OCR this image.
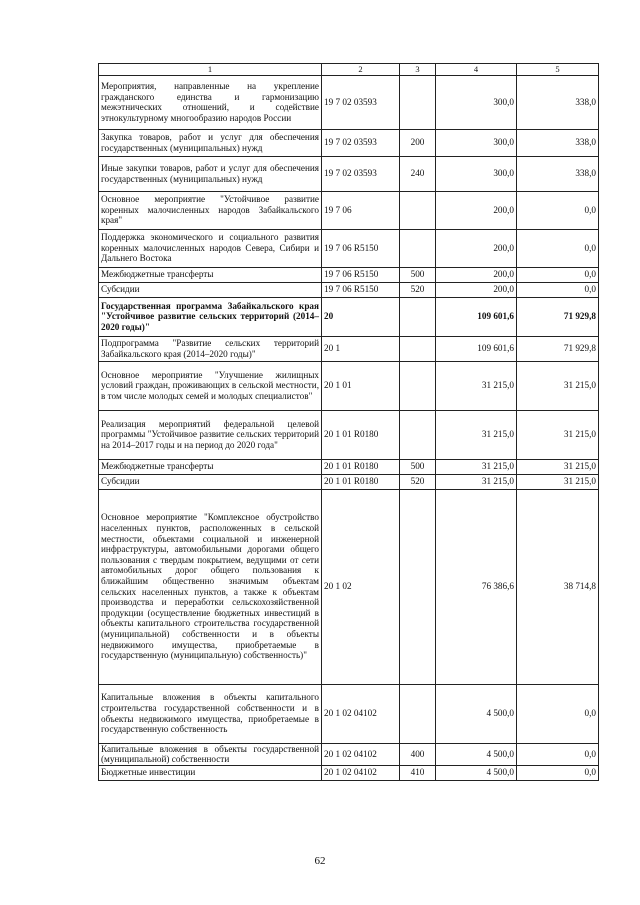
1	2	3	4	5
Мероприятия, направленные на укрепление гражданского единства и гармонизацию межэтнических отношений, и содействие этнокультурному многообразию народов России	19 7 02 03593		300,0	338,0
Закупка товаров, работ и услуг для обеспечения государственных (муниципальных) нужд	19 7 02 03593	200	300,0	338,0
Иные закупки товаров, работ и услуг для обеспечения государственных (муниципальных) нужд	19 7 02 03593	240	300,0	338,0
Основное мероприятие "Устойчивое развитие коренных малочисленных народов Забайкальского края"	19 7 06		200,0	0,0
Поддержка экономического и социального развития коренных малочисленных народов Севера, Сибири и Дальнего Востока	19 7 06 R5150		200,0	0,0
Межбюджетные трансферты	19 7 06 R5150	500	200,0	0,0
Субсидии	19 7 06 R5150	520	200,0	0,0
Государственная программа Забайкальского края "Устойчивое развитие сельских территорий (2014–2020 годы)"	20		109 601,6	71 929,8
Подпрограмма "Развитие сельских территорий Забайкальского края (2014–2020 годы)"	20 1		109 601,6	71 929,8
Основное мероприятие "Улучшение жилищных условий граждан, проживающих в сельской местности, в том числе молодых семей и молодых специалистов"	20 1 01		31 215,0	31 215,0
Реализация мероприятий федеральной целевой программы "Устойчивое развитие сельских территорий на 2014–2017 годы и на период до 2020 года"	20 1 01 R0180		31 215,0	31 215,0
Межбюджетные трансферты	20 1 01 R0180	500	31 215,0	31 215,0
Субсидии	20 1 01 R0180	520	31 215,0	31 215,0
Основное мероприятие "Комплексное обустройство населенных пунктов, расположенных в сельской местности, объектами социальной и инженерной инфраструктуры, автомобильными дорогами общего пользования с твердым покрытием, ведущими от сети автомобильных дорог общего пользования к ближайшим общественно значимым объектам сельских населенных пунктов, а также к объектам производства и переработки сельскохозяйственной продукции (осуществление бюджетных инвестиций в объекты капитального строительства государственной (муниципальной) собственности и в объекты недвижимого имущества, приобретаемые в государственную (муниципальную) собственность)"	20 1 02		76 386,6	38 714,8
Капитальные вложения в объекты капитального строительства государственной собственности и в объекты недвижимого имущества, приобретаемые в государственную собственность	20 1 02 04102		4 500,0	0,0
Капитальные вложения в объекты государственной (муниципальной) собственности	20 1 02 04102	400	4 500,0	0,0
Бюджетные инвестиции	20 1 02 04102	410	4 500,0	0,0
62
